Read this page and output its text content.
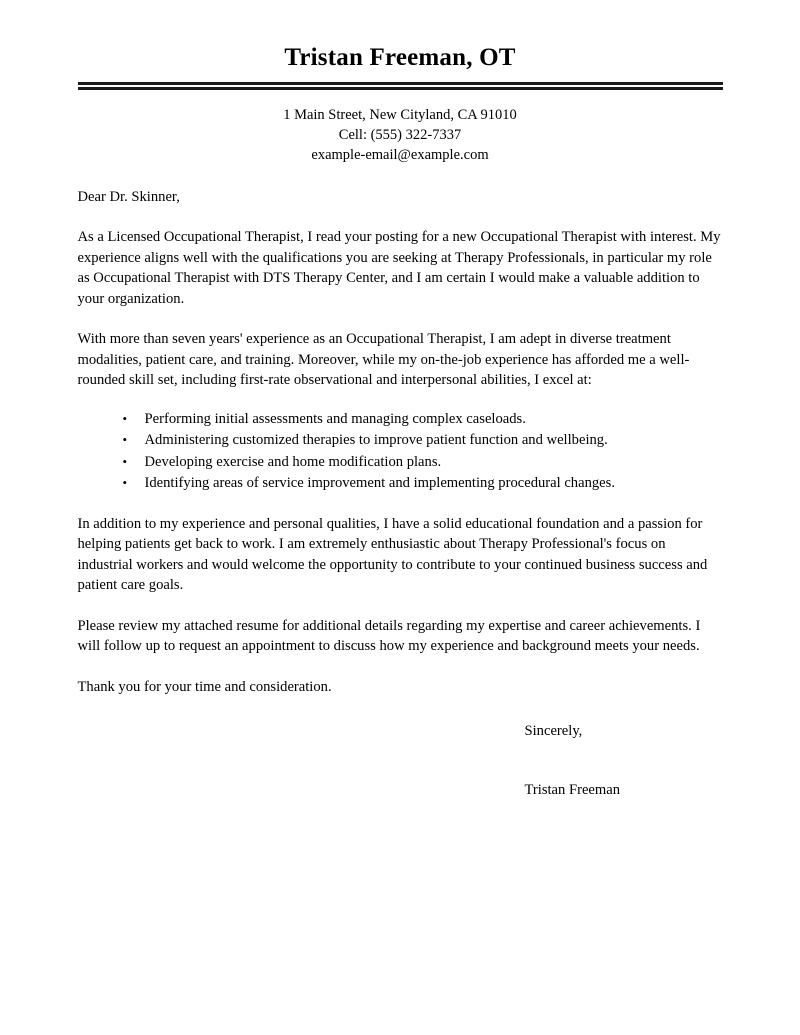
Tristan Freeman, OT
1 Main Street, New Cityland, CA 91010
Cell: (555) 322-7337
example-email@example.com

Dear Dr. Skinner,

As a Licensed Occupational Therapist, I read your posting for a new Occupational Therapist with interest. My experience aligns well with the qualifications you are seeking at Therapy Professionals, in particular my role as Occupational Therapist with DTS Therapy Center, and I am certain I would make a valuable addition to your organization.

With more than seven years' experience as an Occupational Therapist, I am adept in diverse treatment modalities, patient care, and training. Moreover, while my on-the-job experience has afforded me a well-rounded skill set, including first-rate observational and interpersonal abilities, I excel at:

• Performing initial assessments and managing complex caseloads.
• Administering customized therapies to improve patient function and wellbeing.
• Developing exercise and home modification plans.
• Identifying areas of service improvement and implementing procedural changes.

In addition to my experience and personal qualities, I have a solid educational foundation and a passion for helping patients get back to work. I am extremely enthusiastic about Therapy Professional's focus on industrial workers and would welcome the opportunity to contribute to your continued business success and patient care goals.

Please review my attached resume for additional details regarding my expertise and career achievements. I will follow up to request an appointment to discuss how my experience and background meets your needs.

Thank you for your time and consideration.

Sincerely,

Tristan Freeman
